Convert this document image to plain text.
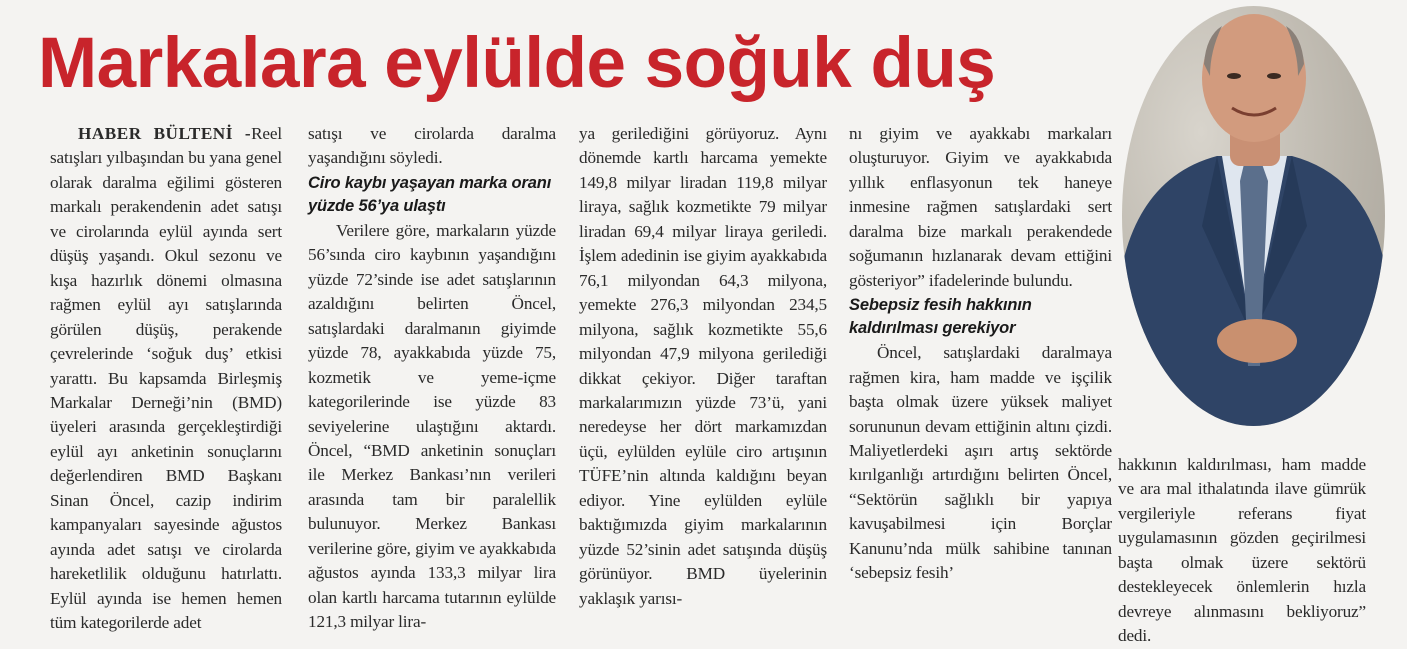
Markalara eylülde soğuk duş

HABER BÜLTENİ -Reel satışları yılbaşından bu yana genel olarak daralma eğilimi gösteren markalı perakendenin adet satışı ve cirolarında eylül ayında sert düşüş yaşandı. Okul sezonu ve kışa hazırlık dönemi olmasına rağmen eylül ayı satışlarında görülen düşüş, perakende çevrelerinde ‘soğuk duş’ etkisi yarattı. Bu kapsamda Birleşmiş Markalar Derneği’nin (BMD) üyeleri arasında gerçekleştirdiği eylül ayı anketinin sonuçlarını değerlendiren BMD Başkanı Sinan Öncel, cazip indirim kampanyaları sayesinde ağustos ayında adet satışı ve cirolarda hareketlilik olduğunu hatırlattı. Eylül ayında ise hemen hemen tüm kategorilerde adet

satışı ve cirolarda daralma yaşandığını söyledi.

Ciro kaybı yaşayan marka oranı yüzde 56’ya ulaştı

Verilere göre, markaların yüzde 56’sında ciro kaybının yaşandığını yüzde 72’sinde ise adet satışlarının azaldığını belirten Öncel, satışlardaki daralmanın giyimde yüzde 78, ayakkabıda yüzde 75, kozmetik ve yeme-içme kategorilerinde ise yüzde 83 seviyelerine ulaştığını aktardı. Öncel, “BMD anketinin sonuçları ile Merkez Bankası’nın verileri arasında tam bir paralellik bulunuyor. Merkez Bankası verilerine göre, giyim ve ayakkabıda ağustos ayında 133,3 milyar lira olan kartlı harcama tutarının eylülde 121,3 milyar lira-

ya gerilediğini görüyoruz. Aynı dönemde kartlı harcama yemekte 149,8 milyar liradan 119,8 milyar liraya, sağlık kozmetikte 79 milyar liradan 69,4 milyar liraya geriledi. İşlem adedinin ise giyim ayakkabıda 76,1 milyondan 64,3 milyona, yemekte 276,3 milyondan 234,5 milyona, sağlık kozmetikte 55,6 milyondan 47,9 milyona gerilediği dikkat çekiyor. Diğer taraftan markalarımızın yüzde 73’ü, yani neredeyse her dört markamızdan üçü, eylülden eylüle ciro artışının TÜFE’nin altında kaldığını beyan ediyor. Yine eylülden eylüle baktığımızda giyim markalarının yüzde 52’sinin adet satışında düşüş görünüyor. BMD üyelerinin yaklaşık yarısı-

nı giyim ve ayakkabı markaları oluşturuyor. Giyim ve ayakkabıda yıllık enflasyonun tek haneye inmesine rağmen satışlardaki sert daralma bize markalı perakendede soğumanın hızlanarak devam ettiğini gösteriyor” ifadelerinde bulundu.

Sebepsiz fesih hakkının kaldırılması gerekiyor

Öncel, satışlardaki daralmaya rağmen kira, ham madde ve işçilik başta olmak üzere yüksek maliyet sorununun devam ettiğinin altını çizdi. Maliyetlerdeki aşırı artış sektörde kırılganlığı artırdığını belirten Öncel, “Sektörün sağlıklı bir yapıya kavuşabilmesi için Borçlar Kanunu’nda mülk sahibine tanınan ‘sebepsiz fesih’

hakkının kaldırılması, ham madde ve ara mal ithalatında ilave gümrük vergileriyle referans fiyat uygulamasının gözden geçirilmesi başta olmak üzere sektörü destekleyecek önlemlerin hızla devreye alınmasını bekliyoruz” dedi.
